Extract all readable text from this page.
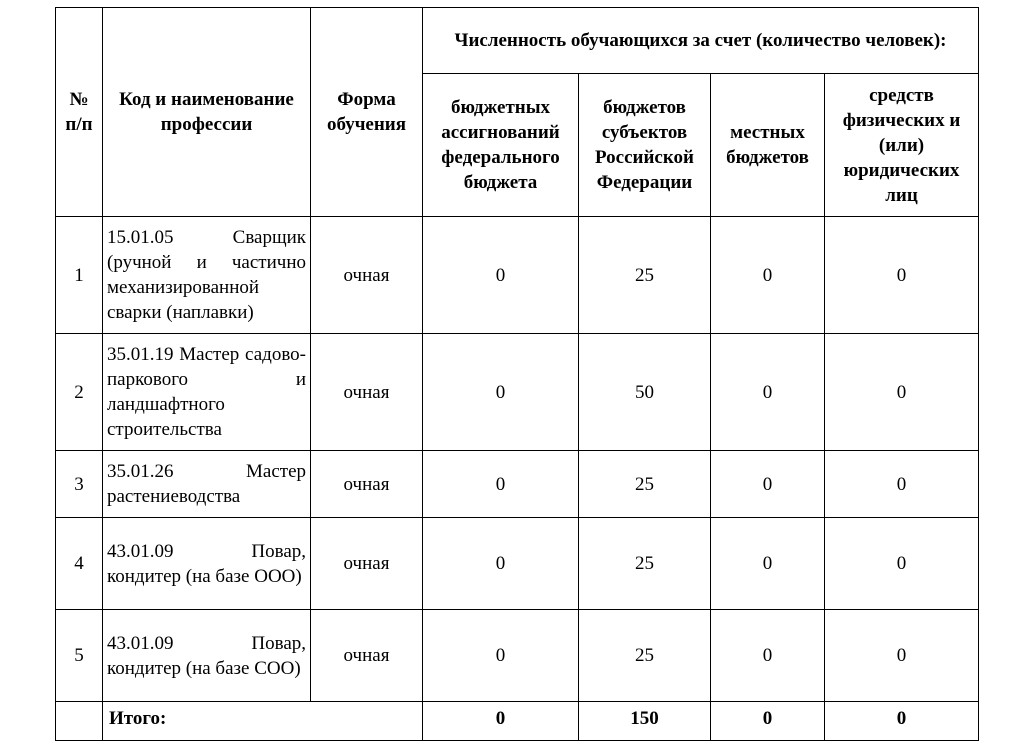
№ п/п	Код и наименование профессии	Форма обучения	Численность обучающихся за счет (количество человек):			
			бюджетных ассигнований федерального бюджета	бюджетов субъектов Российской Федерации	местных бюджетов	средств физических и (или) юридических лиц
1	15.01.05 Сварщик (ручной и частично механизированной сварки (наплавки)	очная	0	25	0	0
2	35.01.19 Мастер садово-паркового и ландшафтного строительства	очная	0	50	0	0
3	35.01.26 Мастер растениеводства	очная	0	25	0	0
4	43.01.09 Повар, кондитер (на базе ООО)	очная	0	25	0	0
5	43.01.09 Повар, кондитер (на базе СОО)	очная	0	25	0	0
	Итого:		0	150	0	0
